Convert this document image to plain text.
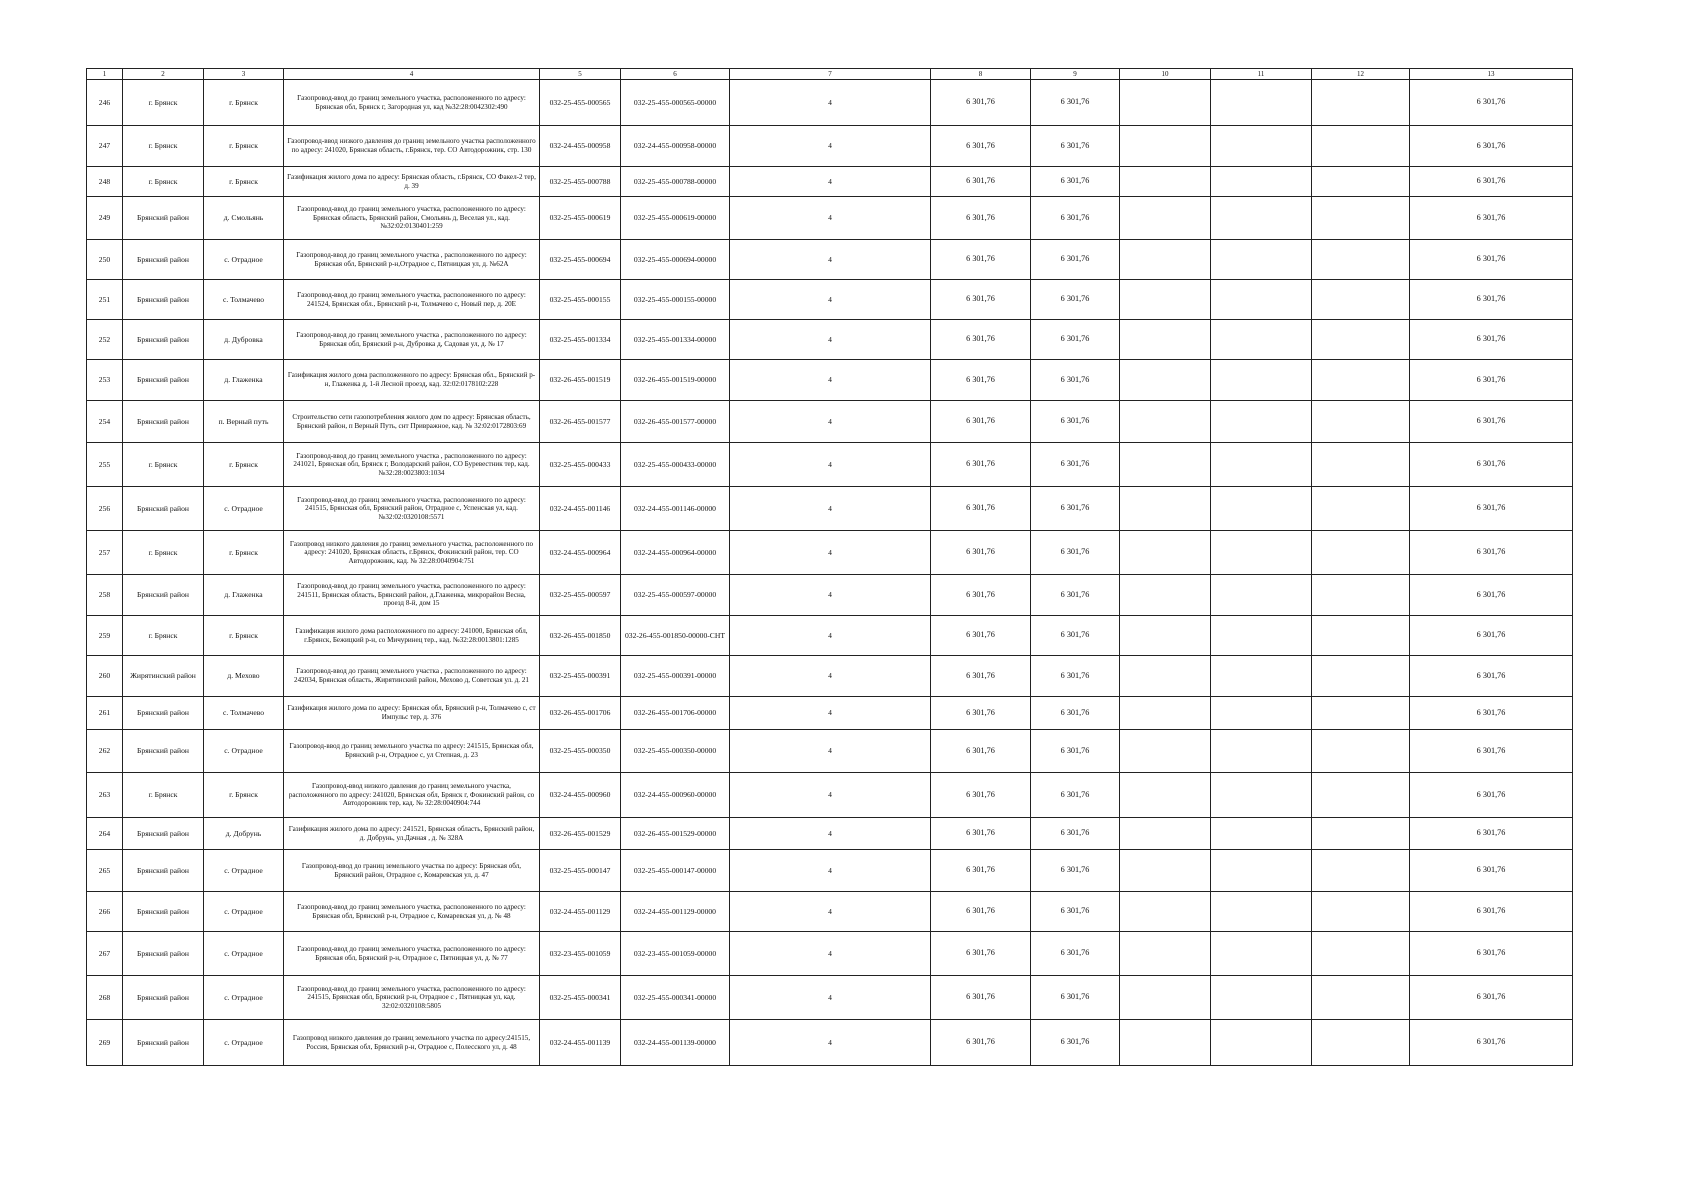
1	2	3	4	5	6	7	8	9	10	11	12	13
246	г. Брянск	г. Брянск	Газопровод-ввод до границ земельного участка, расположенного по адресу: Брянская обл, Брянск г, Загородная ул, кад №32:28:0042302:490	032-25-455-000565	032-25-455-000565-00000	4	6 301,76	6 301,76				6 301,76
247	г. Брянск	г. Брянск	Газопровод-ввод низкого давления до границ земельного участка расположенного по адресу: 241020, Брянская область, г.Брянск, тер. СО Автодорожник, стр. 130	032-24-455-000958	032-24-455-000958-00000	4	6 301,76	6 301,76				6 301,76
248	г. Брянск	г. Брянск	Газификация жилого дома по адресу: Брянская область, г.Брянск, СО Факел-2 тер, д. 39	032-25-455-000788	032-25-455-000788-00000	4	6 301,76	6 301,76				6 301,76
249	Брянский район	д. Смольянь	Газопровод-ввод до границ земельного участка, расположенного по адресу: Брянская область, Брянский район, Смольянь д, Веселая ул., кад. №32:02:0130401:259	032-25-455-000619	032-25-455-000619-00000	4	6 301,76	6 301,76				6 301,76
250	Брянский район	с. Отрадное	Газопровод-ввод до границ земельного участка , расположенного по адресу: Брянская обл, Брянский р-н,Отрадное с, Пятницкая ул, д. №62А	032-25-455-000694	032-25-455-000694-00000	4	6 301,76	6 301,76				6 301,76
251	Брянский район	с. Толмачево	Газопровод-ввод до границ земельного участка, расположенного по адресу: 241524, Брянская обл., Брянский р-н, Толмачево с, Новый пер, д. 20Е	032-25-455-000155	032-25-455-000155-00000	4	6 301,76	6 301,76				6 301,76
252	Брянский район	д. Дубровка	Газопровод-ввод до границ земельного участка , расположенного по адресу: Брянская обл, Брянский р-н, Дубровка д, Садовая ул, д. № 17	032-25-455-001334	032-25-455-001334-00000	4	6 301,76	6 301,76				6 301,76
253	Брянский район	д. Глаженка	Газификация жилого дома расположенного по адресу: Брянская обл., Брянский р-н, Глаженка д, 1-й Лесной проезд, кад. 32:02:0178102:228	032-26-455-001519	032-26-455-001519-00000	4	6 301,76	6 301,76				6 301,76
254	Брянский район	п. Верный путь	Строительство сети газопотребления жилого дом по адресу: Брянская область, Брянский район, п Верный Путь, снт Привражное, кад. № 32:02:0172803:69	032-26-455-001577	032-26-455-001577-00000	4	6 301,76	6 301,76				6 301,76
255	г. Брянск	г. Брянск	Газопровод-ввод до границ земельного участка , расположенного по адресу: 241021, Брянская обл, Брянск г, Володарский район, СО Буревестник тер, кад. №32:28:0023803:1034	032-25-455-000433	032-25-455-000433-00000	4	6 301,76	6 301,76				6 301,76
256	Брянский район	с. Отрадное	Газопровод-ввод до границ земельного участка, расположенного по адресу: 241515, Брянская обл, Брянский район, Отрадное с, Успенская ул, кад. №32:02:0320108:5571	032-24-455-001146	032-24-455-001146-00000	4	6 301,76	6 301,76				6 301,76
257	г. Брянск	г. Брянск	Газопровод низкого давления до границ земельного участка, расположенного по адресу: 241020, Брянская область, г.Брянск, Фокинский район, тер. СО Автодорожник, кад. № 32:28:0040904:751	032-24-455-000964	032-24-455-000964-00000	4	6 301,76	6 301,76				6 301,76
258	Брянский район	д. Глаженка	Газопровод-ввод до границ земельного участка, расположенного по адресу: 241511, Брянская область, Брянский район, д.Глаженка, микрорайон Весна, проезд 8-й, дом 15	032-25-455-000597	032-25-455-000597-00000	4	6 301,76	6 301,76				6 301,76
259	г. Брянск	г. Брянск	Газификация жилого дома расположенного по адресу: 241000, Брянская обл, г.Брянск, Бежицкий р-н, со Мичуринец тер., кад. №32:28:0013801:1285	032-26-455-001850	032-26-455-001850-00000-СНТ	4	6 301,76	6 301,76				6 301,76
260	Жирятинский район	д. Мехово	Газопровод-ввод до границ земельного участка , расположенного по адресу: 242034, Брянская область, Жирятинский район, Мехово д, Советская ул. д. 21	032-25-455-000391	032-25-455-000391-00000	4	6 301,76	6 301,76				6 301,76
261	Брянский район	с. Толмачево	Газификация жилого дома по адресу: Брянская обл, Брянский р-н, Толмачево с, ст Импульс тер, д. 376	032-26-455-001706	032-26-455-001706-00000	4	6 301,76	6 301,76				6 301,76
262	Брянский район	с. Отрадное	Газопровод-ввод до границ земельного участка по адресу: 241515, Брянская обл, Брянский р-н, Отрадное с, ул Степная, д. 23	032-25-455-000350	032-25-455-000350-00000	4	6 301,76	6 301,76				6 301,76
263	г. Брянск	г. Брянск	Газопровод-ввод низкого давления до границ земельного участка, расположенного по адресу: 241020, Брянская обл, Брянск г, Фокинский район, со Автодорожник тер, кад. № 32:28:0040904:744	032-24-455-000960	032-24-455-000960-00000	4	6 301,76	6 301,76				6 301,76
264	Брянский район	д. Добрунь	Газификация жилого дома по адресу: 241521, Брянская область, Брянский район, д. Добрунь, ул.Дачная , д. № 328А	032-26-455-001529	032-26-455-001529-00000	4	6 301,76	6 301,76				6 301,76
265	Брянский район	с. Отрадное	Газопровод-ввод до границ земельного участка по адресу: Брянская обл, Брянский район, Отрадное с, Комаревская ул, д. 47	032-25-455-000147	032-25-455-000147-00000	4	6 301,76	6 301,76				6 301,76
266	Брянский район	с. Отрадное	Газопровод-ввод до границ земельного участка, расположенного по адресу: Брянская обл, Брянский р-н, Отрадное с, Комаревская ул, д. № 48	032-24-455-001129	032-24-455-001129-00000	4	6 301,76	6 301,76				6 301,76
267	Брянский район	с. Отрадное	Газопровод-ввод до границ земельного участка, расположенного по адресу: Брянская обл, Брянский р-н, Отрадное с, Пятницкая ул, д. № 77	032-23-455-001059	032-23-455-001059-00000	4	6 301,76	6 301,76				6 301,76
268	Брянский район	с. Отрадное	Газопровод-ввод до границ земельного участка, расположенного по адресу: 241515, Брянская обл, Брянский р-н, Отрадное с , Пятницкая ул, кад. 32:02:0320108:5805	032-25-455-000341	032-25-455-000341-00000	4	6 301,76	6 301,76				6 301,76
269	Брянский район	с. Отрадное	Газопровод низкого давления до границ земельного участка по адресу:241515, Россия, Брянская обл, Брянский р-н, Отрадное с, Полесского ул, д. 48	032-24-455-001139	032-24-455-001139-00000	4	6 301,76	6 301,76				6 301,76
